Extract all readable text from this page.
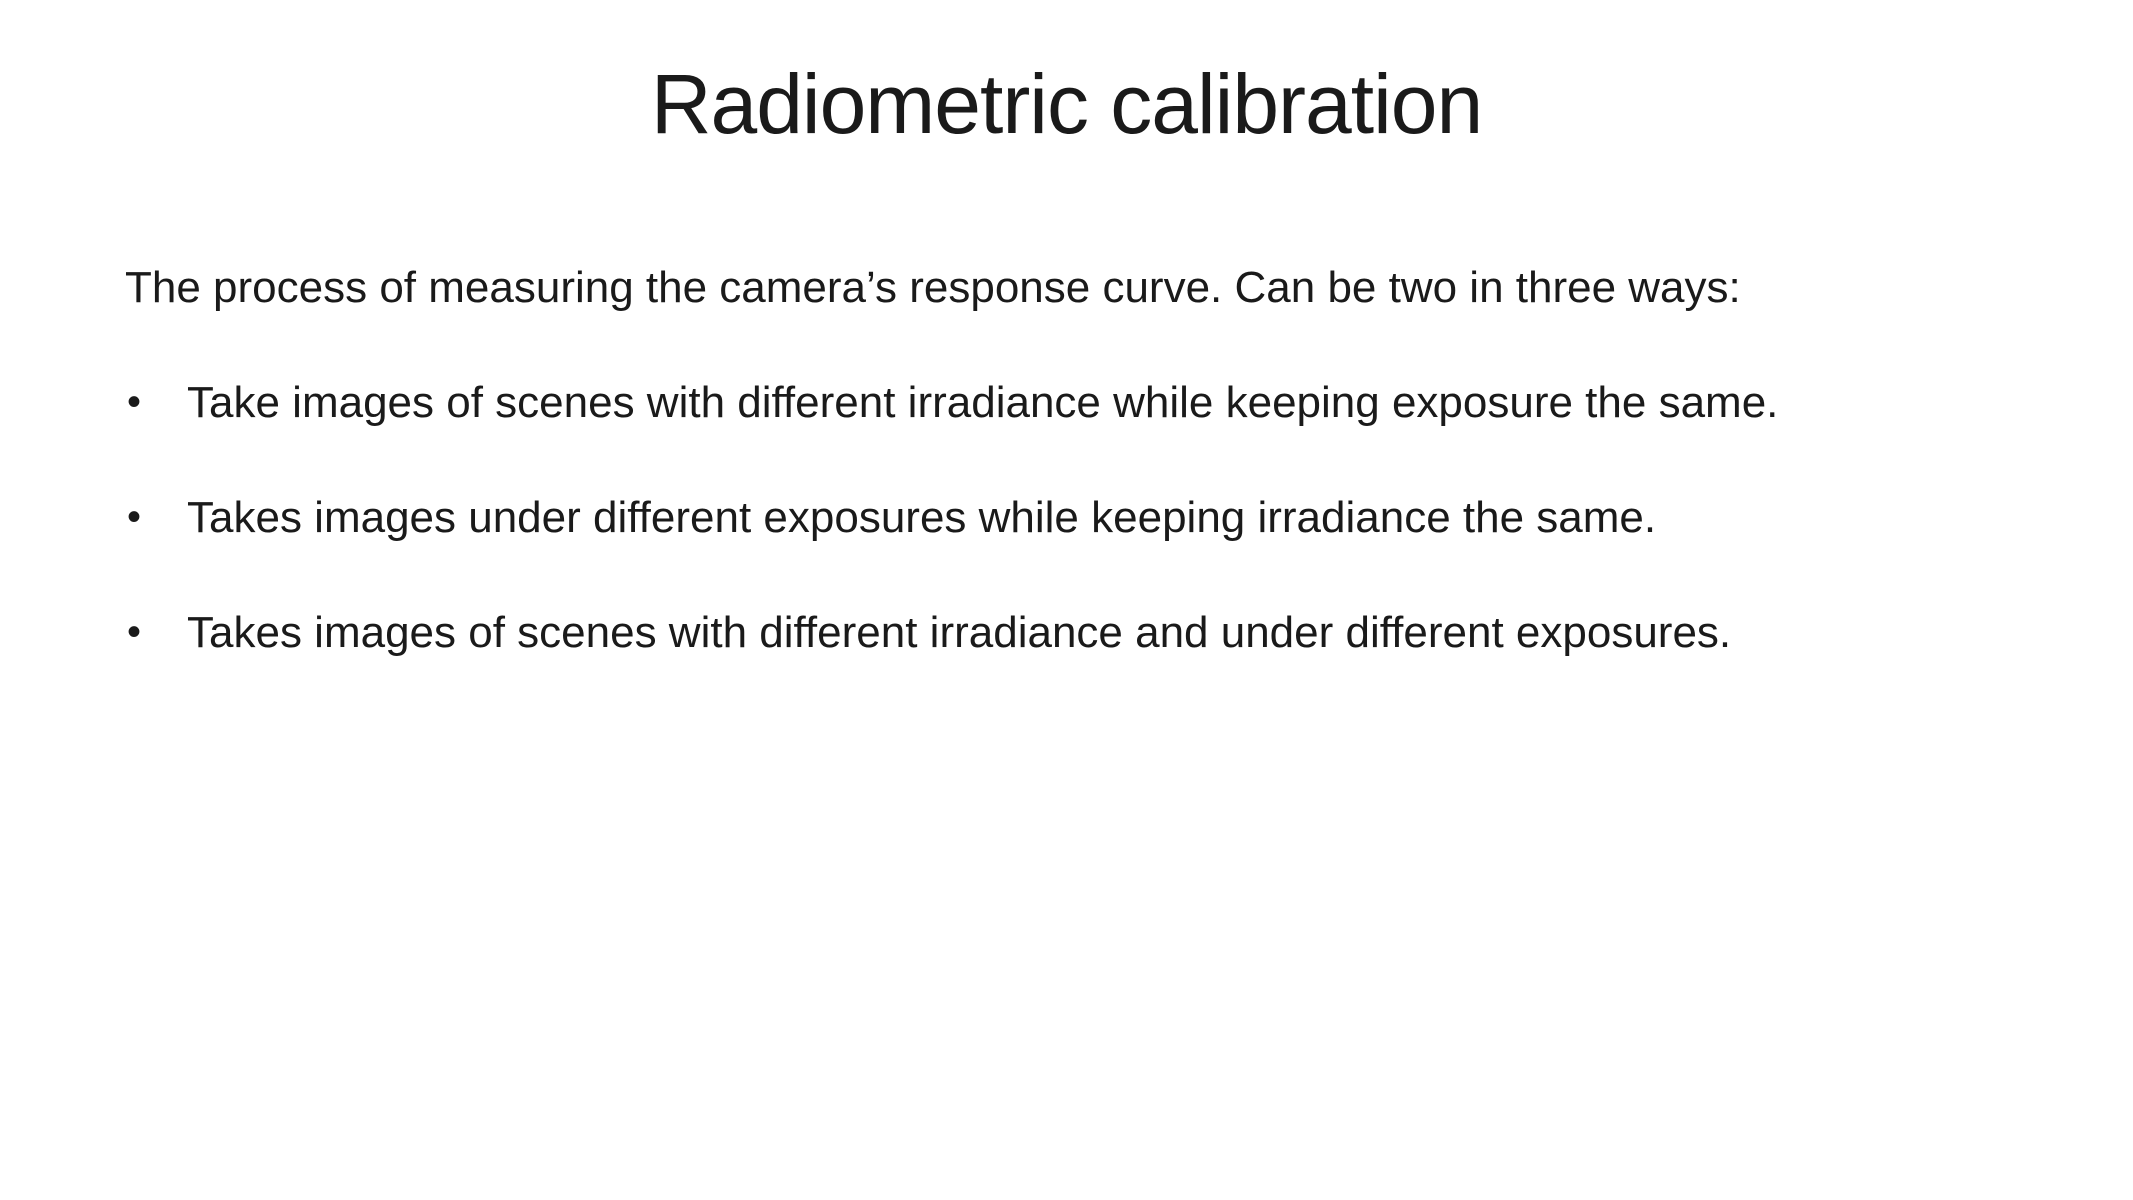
Radiometric calibration

The process of measuring the camera’s response curve. Can be two in three ways:

• Take images of scenes with different irradiance while keeping exposure the same.
• Takes images under different exposures while keeping irradiance the same.
• Takes images of scenes with different irradiance and under different exposures.
